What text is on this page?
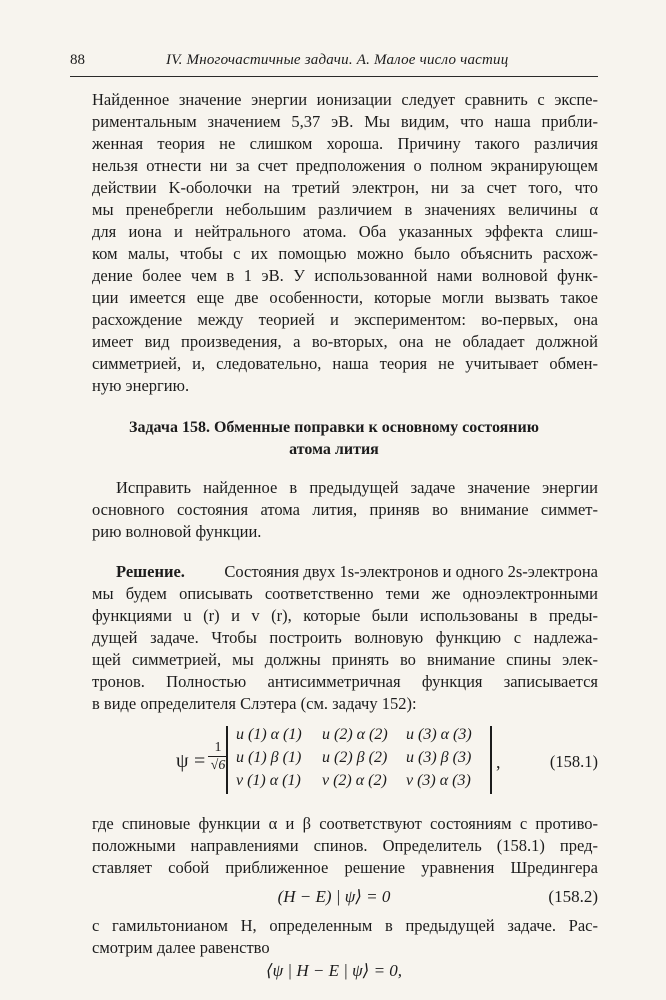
88	IV. Многочастичные задачи. А. Малое число частиц
Найденное значение энергии ионизации следует сравнить с экспе-
риментальным значением 5,37 эВ. Мы видим, что наша прибли-
женная теория не слишком хороша. Причину такого различия
нельзя отнести ни за счет предположения о полном экранирующем
действии K-оболочки на третий электрон, ни за счет того, что
мы пренебрегли небольшим различием в значениях величины α
для иона и нейтрального атома. Оба указанных эффекта слиш-
ком малы, чтобы с их помощью можно было объяснить расхож-
дение более чем в 1 эВ. У использованной нами волновой функ-
ции имеется еще две особенности, которые могли вызвать такое
расхождение между теорией и экспериментом: во-первых, она
имеет вид произведения, а во-вторых, она не обладает должной
симметрией, и, следовательно, наша теория не учитывает обмен-
ную энергию.
Задача 158. Обменные поправки к основному состоянию
атома лития
Исправить найденное в предыдущей задаче значение энергии
основного состояния атома лития, приняв во внимание симмет-
рию волновой функции.
Решение. Состояния двух 1s-электронов и одного 2s-электрона
мы будем описывать соответственно теми же одноэлектронными
функциями u (r) и v (r), которые были использованы в преды-
дущей задаче. Чтобы построить волновую функцию с надлежа-
щей симметрией, мы должны принять во внимание спины элек-
тронов. Полностью антисимметричная функция записывается
в виде определителя Слэтера (см. задачу 152):
$\psi = \frac{1}{√6}$
u (1) α (1) u (2) α (2) u (3) α (3)
u (1) β (1) u (2) β (2) u (3) β (3)
v (1) α (1) v (2) α (2) v (3) α (3)
,	(158.1)
где спиновые функции α и β соответствуют состояниям с противо-
положными направлениями спинов. Определитель (158.1) пред-
ставляет собой приближенное решение уравнения Шредингера
(H − E) | ψ⟩ = 0	(158.2)
с гамильтонианом H, определенным в предыдущей задаче. Рас-
смотрим далее равенство
⟨ψ | H − E | ψ⟩ = 0,
